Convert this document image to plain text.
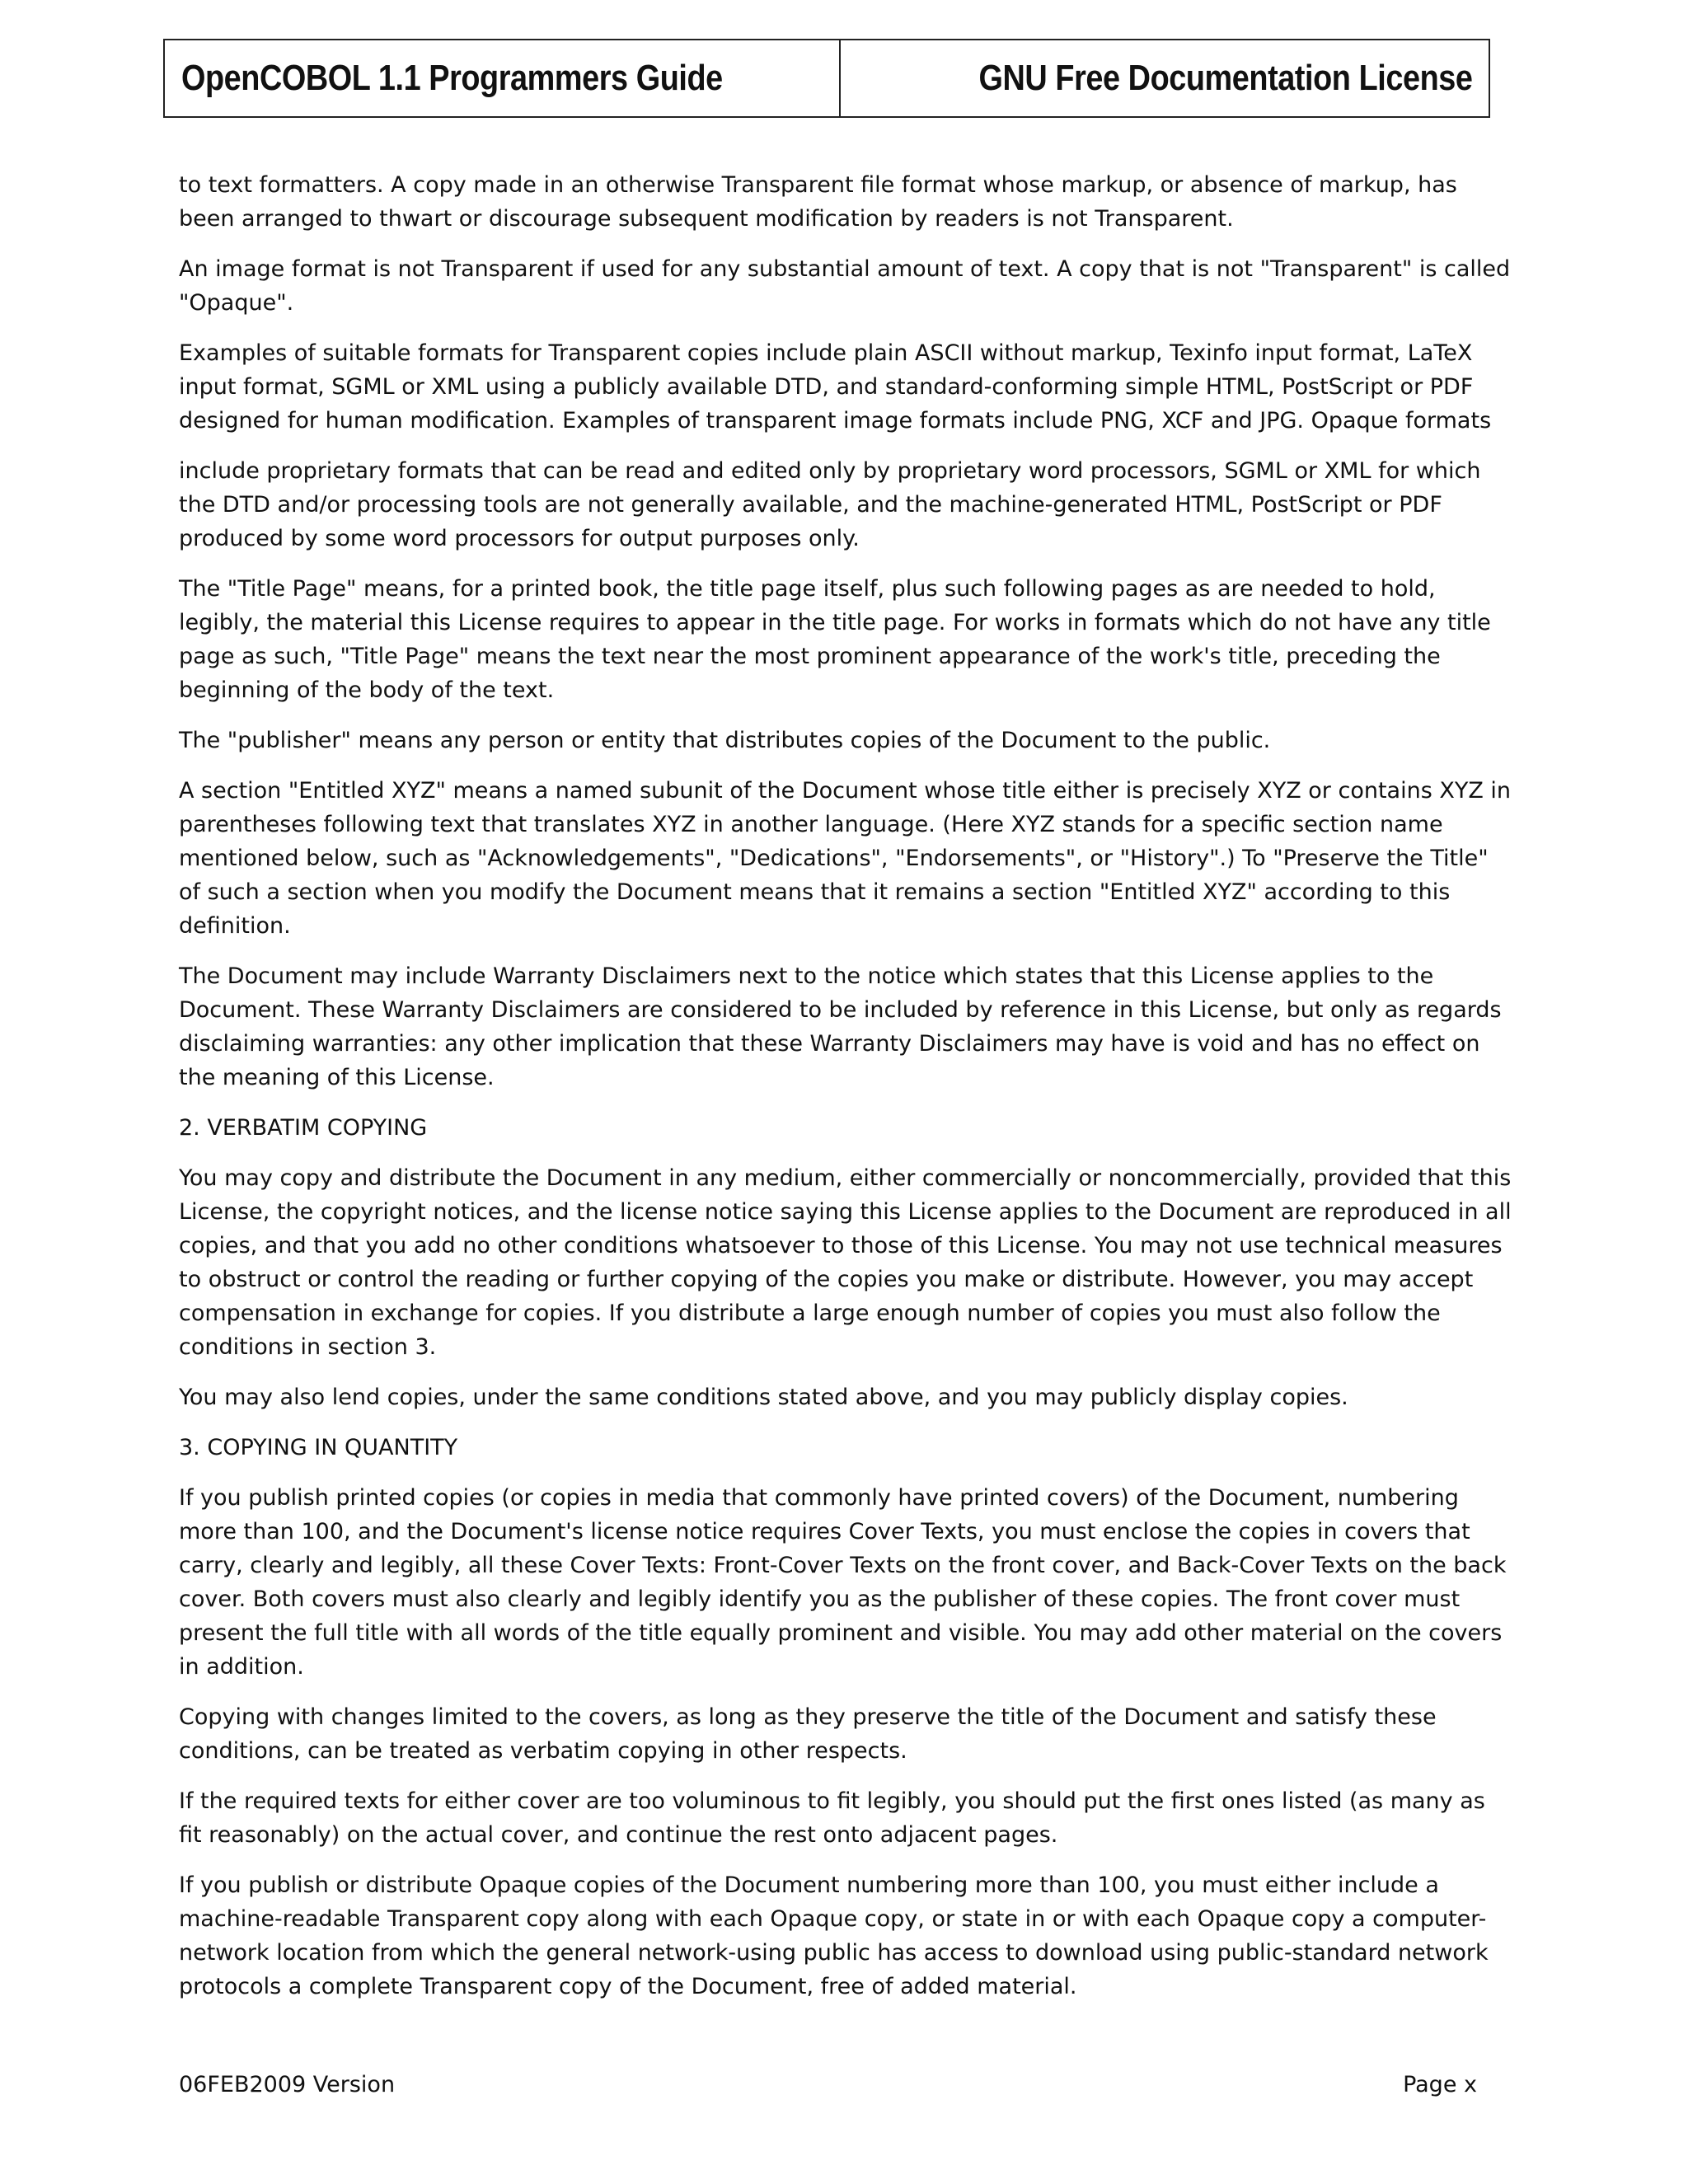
OpenCOBOL 1.1 Programmers Guide	GNU Free Documentation License

to text formatters. A copy made in an otherwise Transparent file format whose markup, or absence of markup, has been arranged to thwart or discourage subsequent modification by readers is not Transparent.

An image format is not Transparent if used for any substantial amount of text. A copy that is not "Transparent" is called "Opaque".

Examples of suitable formats for Transparent copies include plain ASCII without markup, Texinfo input format, LaTeX input format, SGML or XML using a publicly available DTD, and standard-conforming simple HTML, PostScript or PDF designed for human modification. Examples of transparent image formats include PNG, XCF and JPG. Opaque formats

include proprietary formats that can be read and edited only by proprietary word processors, SGML or XML for which the DTD and/or processing tools are not generally available, and the machine-generated HTML, PostScript or PDF produced by some word processors for output purposes only.

The "Title Page" means, for a printed book, the title page itself, plus such following pages as are needed to hold, legibly, the material this License requires to appear in the title page. For works in formats which do not have any title page as such, "Title Page" means the text near the most prominent appearance of the work's title, preceding the beginning of the body of the text.

The "publisher" means any person or entity that distributes copies of the Document to the public.

A section "Entitled XYZ" means a named subunit of the Document whose title either is precisely XYZ or contains XYZ in parentheses following text that translates XYZ in another language. (Here XYZ stands for a specific section name mentioned below, such as "Acknowledgements", "Dedications", "Endorsements", or "History".) To "Preserve the Title" of such a section when you modify the Document means that it remains a section "Entitled XYZ" according to this definition.

The Document may include Warranty Disclaimers next to the notice which states that this License applies to the Document. These Warranty Disclaimers are considered to be included by reference in this License, but only as regards disclaiming warranties: any other implication that these Warranty Disclaimers may have is void and has no effect on the meaning of this License.

2. VERBATIM COPYING

You may copy and distribute the Document in any medium, either commercially or noncommercially, provided that this License, the copyright notices, and the license notice saying this License applies to the Document are reproduced in all copies, and that you add no other conditions whatsoever to those of this License. You may not use technical measures to obstruct or control the reading or further copying of the copies you make or distribute. However, you may accept compensation in exchange for copies. If you distribute a large enough number of copies you must also follow the conditions in section 3.

You may also lend copies, under the same conditions stated above, and you may publicly display copies.

3. COPYING IN QUANTITY

If you publish printed copies (or copies in media that commonly have printed covers) of the Document, numbering more than 100, and the Document's license notice requires Cover Texts, you must enclose the copies in covers that carry, clearly and legibly, all these Cover Texts: Front-Cover Texts on the front cover, and Back-Cover Texts on the back cover. Both covers must also clearly and legibly identify you as the publisher of these copies. The front cover must present the full title with all words of the title equally prominent and visible. You may add other material on the covers in addition.

Copying with changes limited to the covers, as long as they preserve the title of the Document and satisfy these conditions, can be treated as verbatim copying in other respects.

If the required texts for either cover are too voluminous to fit legibly, you should put the first ones listed (as many as fit reasonably) on the actual cover, and continue the rest onto adjacent pages.

If you publish or distribute Opaque copies of the Document numbering more than 100, you must either include a machine-readable Transparent copy along with each Opaque copy, or state in or with each Opaque copy a computer-network location from which the general network-using public has access to download using public-standard network protocols a complete Transparent copy of the Document, free of added material.

06FEB2009 Version	Page x
